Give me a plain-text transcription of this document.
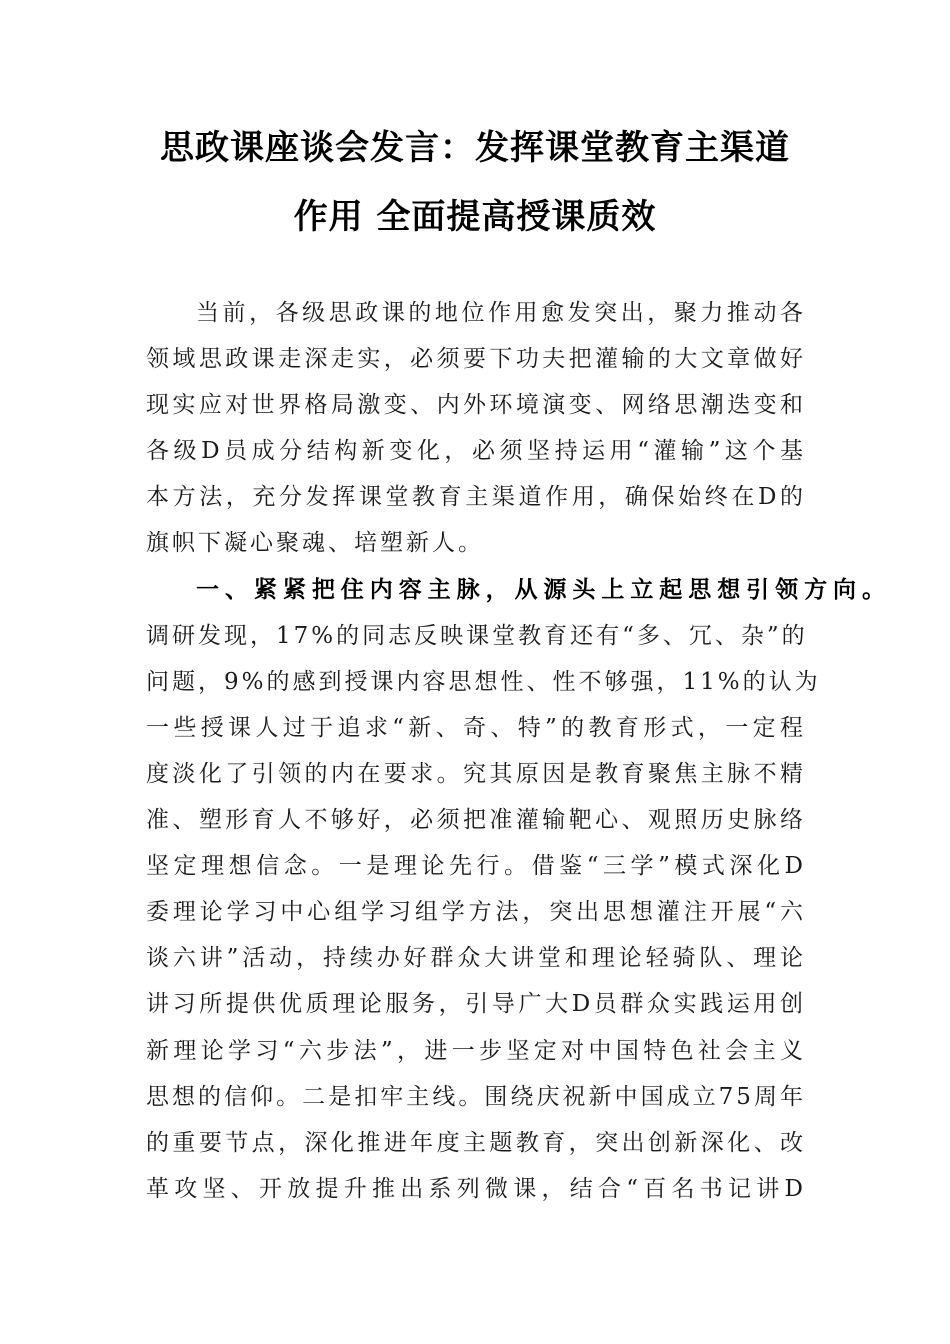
思政课座谈会发言：发挥课堂教育主渠道
作用 全面提高授课质效
当前，各级思政课的地位作用愈发突出，聚力推动各
领域思政课走深走实，必须要下功夫把灌输的大文章做好
现实应对世界格局激变、内外环境演变、网络思潮迭变和
各级D员成分结构新变化，必须坚持运用“灌输”这个基
本方法，充分发挥课堂教育主渠道作用，确保始终在D的
旗帜下凝心聚魂、培塑新人。
一、紧紧把住内容主脉，从源头上立起思想引领方向。
调研发现，17%的同志反映课堂教育还有“多、冗、杂”的
问题，9%的感到授课内容思想性、性不够强，11%的认为
一些授课人过于追求“新、奇、特”的教育形式，一定程
度淡化了引领的内在要求。究其原因是教育聚焦主脉不精
准、塑形育人不够好，必须把准灌输靶心、观照历史脉络
坚定理想信念。一是理论先行。借鉴“三学”模式深化D
委理论学习中心组学习组学方法，突出思想灌注开展“六
谈六讲”活动，持续办好群众大讲堂和理论轻骑队、理论
讲习所提供优质理论服务，引导广大D员群众实践运用创
新理论学习“六步法”，进一步坚定对中国特色社会主义
思想的信仰。二是扣牢主线。围绕庆祝新中国成立75周年
的重要节点，深化推进年度主题教育，突出创新深化、改
革攻坚、开放提升推出系列微课，结合“百名书记讲D
